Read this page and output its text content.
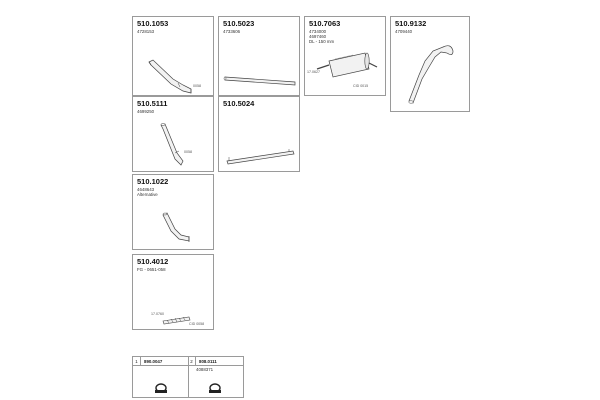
510.1053
4728153
0058
510.5023
4733606
510.7063
4734000
4697460
DL - 150 mm
17.0627
CID 0015
510.9132
4709440
510.5111
4699250
0058
510.5024
510.1022
4648643
Alternative
510.4012
FG - 0651-058
17.0760
CID 0058
1 890.0047	2 808.0111
4088371
